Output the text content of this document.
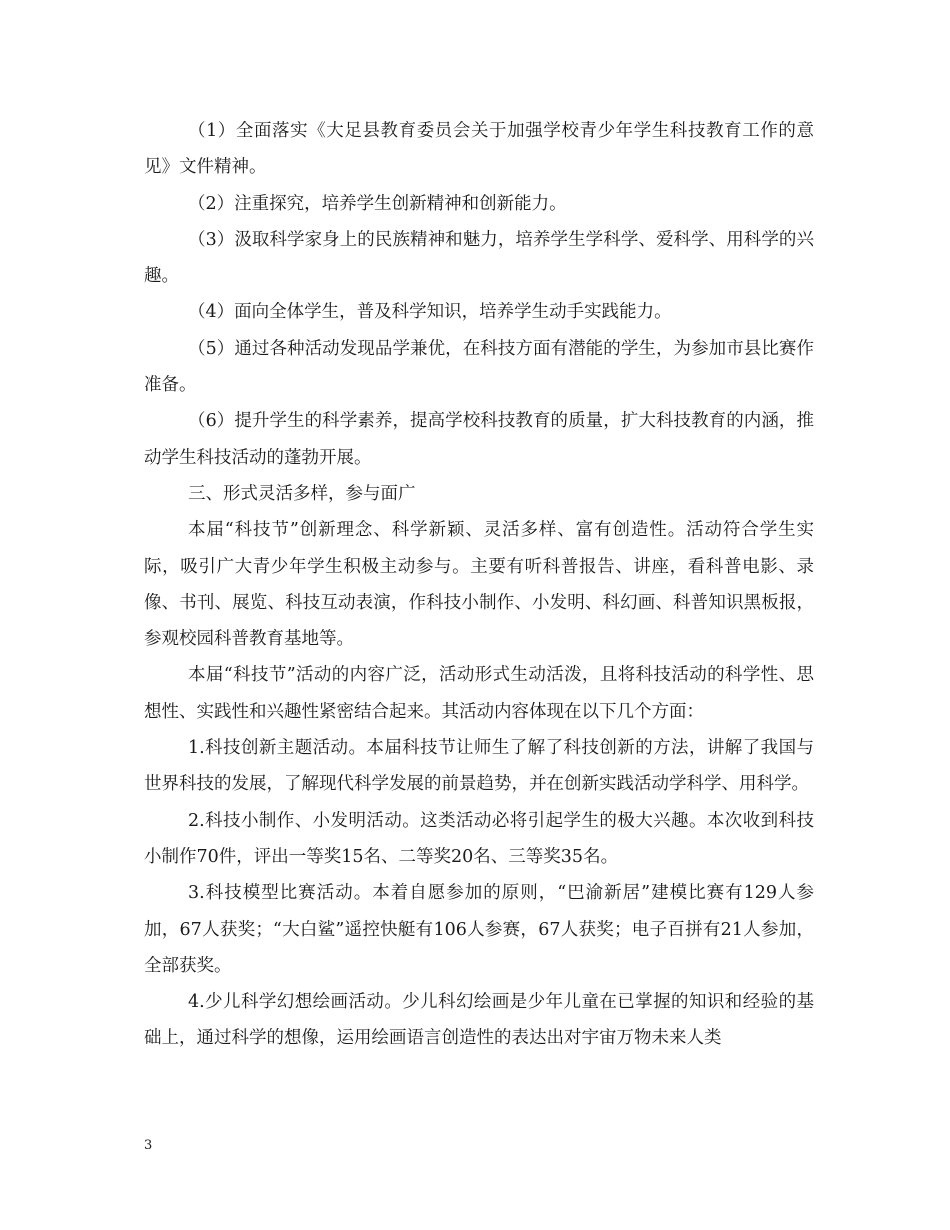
（1）全面落实《大足县教育委员会关于加强学校青少年学生科技教育工作的意见》文件精神。

（2）注重探究，培养学生创新精神和创新能力。

（3）汲取科学家身上的民族精神和魅力，培养学生学科学、爱科学、用科学的兴趣。

（4）面向全体学生，普及科学知识，培养学生动手实践能力。

（5）通过各种活动发现品学兼优，在科技方面有潜能的学生，为参加市县比赛作准备。

（6）提升学生的科学素养，提高学校科技教育的质量，扩大科技教育的内涵，推动学生科技活动的蓬勃开展。

三、形式灵活多样，参与面广

本届“科技节”创新理念、科学新颖、灵活多样、富有创造性。活动符合学生实际，吸引广大青少年学生积极主动参与。主要有听科普报告、讲座，看科普电影、录像、书刊、展览、科技互动表演，作科技小制作、小发明、科幻画、科普知识黑板报，参观校园科普教育基地等。

本届“科技节”活动的内容广泛，活动形式生动活泼，且将科技活动的科学性、思想性、实践性和兴趣性紧密结合起来。其活动内容体现在以下几个方面：

1.科技创新主题活动。本届科技节让师生了解了科技创新的方法，讲解了我国与世界科技的发展，了解现代科学发展的前景趋势，并在创新实践活动学科学、用科学。

2.科技小制作、小发明活动。这类活动必将引起学生的极大兴趣。本次收到科技小制作70件，评出一等奖15名、二等奖20名、三等奖35名。

3.科技模型比赛活动。本着自愿参加的原则，“巴渝新居”建模比赛有129人参加，67人获奖；“大白鲨”遥控快艇有106人参赛，67人获奖；电子百拼有21人参加，全部获奖。

4.少儿科学幻想绘画活动。少儿科幻绘画是少年儿童在已掌握的知识和经验的基础上，通过科学的想像，运用绘画语言创造性的表达出对宇宙万物未来人类

3
